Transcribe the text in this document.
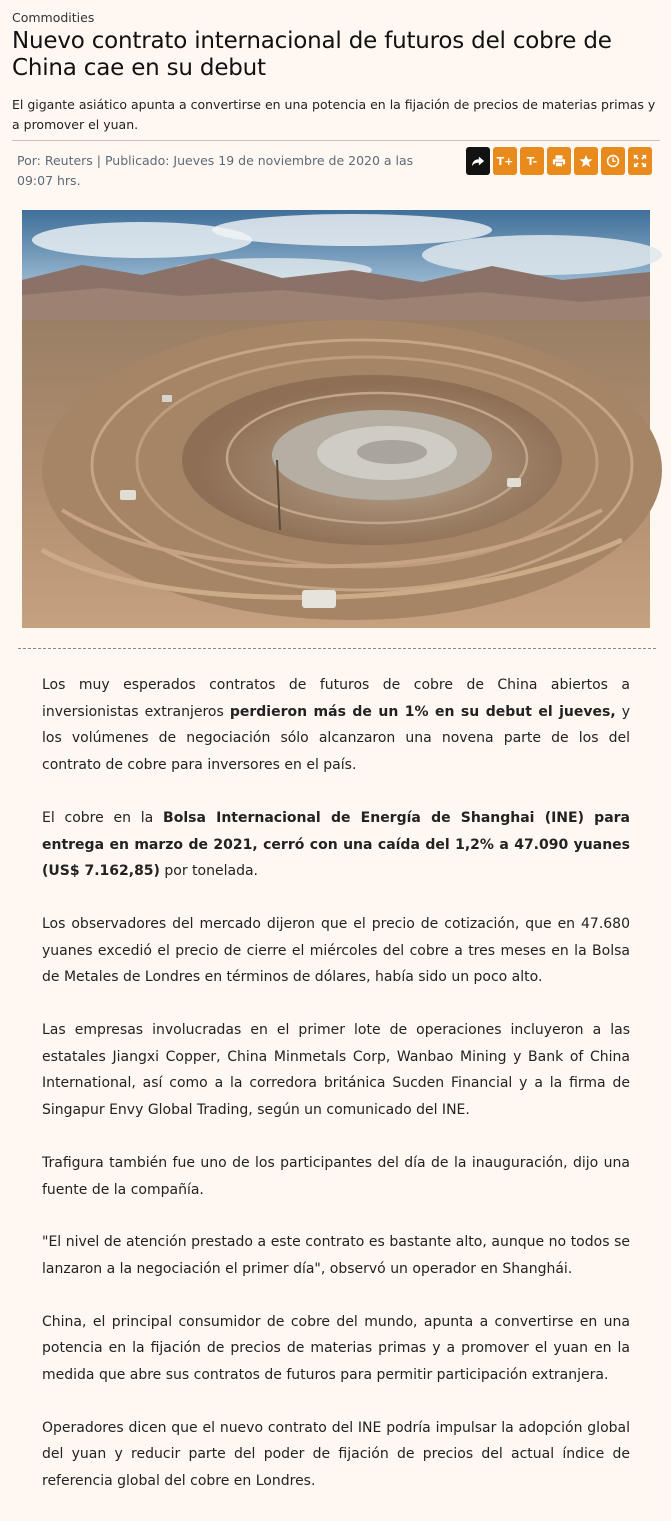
Commodities
Nuevo contrato internacional de futuros del cobre de China cae en su debut

El gigante asiático apunta a convertirse en una potencia en la fijación de precios de materias primas y a promover el yuan.

Por: Reuters | Publicado: Jueves 19 de noviembre de 2020 a las 09:07 hrs.
T+	T-

Los muy esperados contratos de futuros de cobre de China abiertos a inversionistas extranjeros perdieron más de un 1% en su debut el jueves, y los volúmenes de negociación sólo alcanzaron una novena parte de los del contrato de cobre para inversores en el país.

El cobre en la Bolsa Internacional de Energía de Shanghai (INE) para entrega en marzo de 2021, cerró con una caída del 1,2% a 47.090 yuanes (US$ 7.162,85) por tonelada.

Los observadores del mercado dijeron que el precio de cotización, que en 47.680 yuanes excedió el precio de cierre el miércoles del cobre a tres meses en la Bolsa de Metales de Londres en términos de dólares, había sido un poco alto.

Las empresas involucradas en el primer lote de operaciones incluyeron a las estatales Jiangxi Copper, China Minmetals Corp, Wanbao Mining y Bank of China International, así como a la corredora británica Sucden Financial y a la firma de Singapur Envy Global Trading, según un comunicado del INE.

Trafigura también fue uno de los participantes del día de la inauguración, dijo una fuente de la compañía.

"El nivel de atención prestado a este contrato es bastante alto, aunque no todos se lanzaron a la negociación el primer día", observó un operador en Shanghái.

China, el principal consumidor de cobre del mundo, apunta a convertirse en una potencia en la fijación de precios de materias primas y a promover el yuan en la medida que abre sus contratos de futuros para permitir participación extranjera.

Operadores dicen que el nuevo contrato del INE podría impulsar la adopción global del yuan y reducir parte del poder de fijación de precios del actual índice de referencia global del cobre en Londres.
